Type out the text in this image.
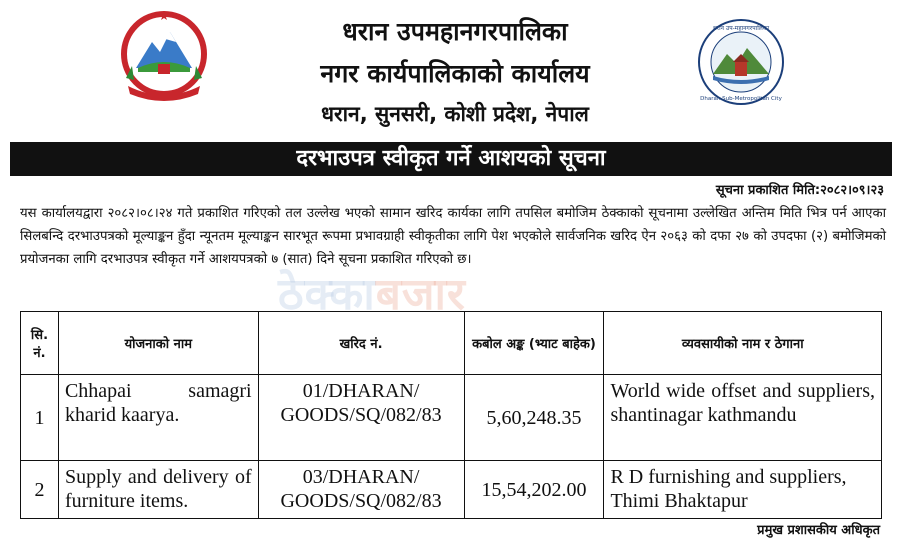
धरान उप-महानगरपालिका
Dharan Sub-Metropolitan City
धरान उपमहानगरपालिका
नगर कार्यपालिकाको कार्यालय
धरान, सुनसरी, कोशी प्रदेश, नेपाल
दरभाउपत्र स्वीकृत गर्ने आशयको सूचना
सूचना प्रकाशित मिति:२०८२।०९।२३
ठेक्काबजार
यस कार्यालयद्वारा २०८२।०८।२४ गते प्रकाशित गरिएको तल उल्लेख भएको सामान खरिद कार्यका लागि तपसिल बमोजिम ठेक्काको सूचनामा उल्लेखित अन्तिम मिति भित्र पर्न आएका सिलबन्दि दरभाउपत्रको मूल्याङ्कन हुँदा न्यूनतम मूल्याङ्कन सारभूत रूपमा प्रभावग्राही स्वीकृतीका लागि पेश भएकोले सार्वजनिक खरिद ऐन २०६३ को दफा २७ को उपदफा (२) बमोजिमको प्रयोजनका लागि दरभाउपत्र स्वीकृत गर्ने आशयपत्रको ७ (सात) दिने सूचना प्रकाशित गरिएको छ।
सि. नं.	योजनाको नाम	खरिद नं.	कबोल अङ्क (भ्याट बाहेक)	व्यवसायीको नाम र ठेगाना
1	Chhapai samagri kharid kaarya.	01/DHARAN/ GOODS/SQ/082/83	5,60,248.35	World wide offset and suppliers, shantinagar kathmandu
2	Supply and delivery of furniture items.	03/DHARAN/ GOODS/SQ/082/83	15,54,202.00	R D furnishing and suppliers, Thimi Bhaktapur
प्रमुख प्रशासकीय अधिकृत
